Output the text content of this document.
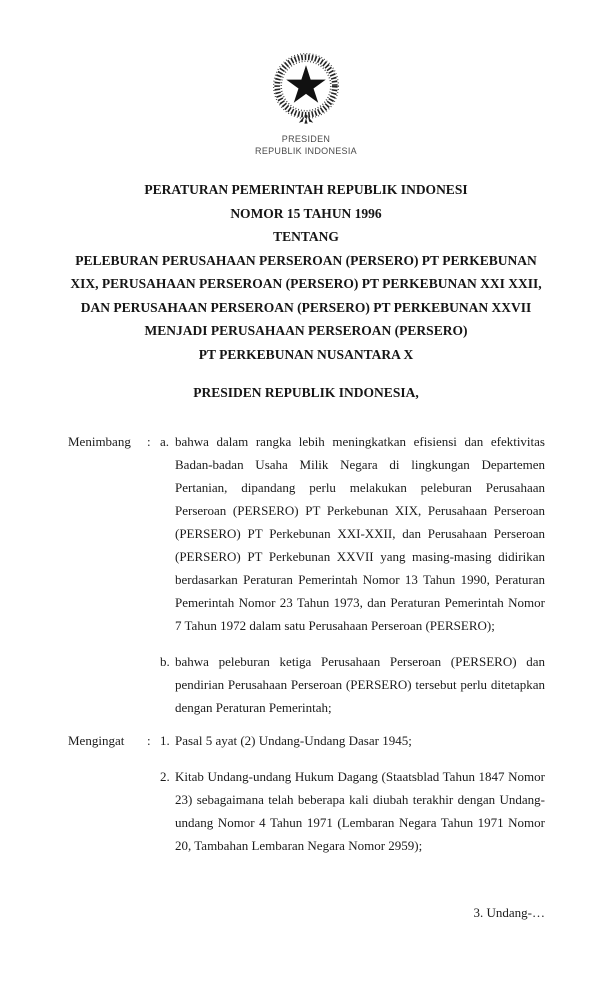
PRESIDEN
REPUBLIK INDONESIA
PERATURAN PEMERINTAH REPUBLIK INDONESI
NOMOR 15 TAHUN 1996
TENTANG
PELEBURAN PERUSAHAAN PERSEROAN (PERSERO) PT PERKEBUNAN
XIX, PERUSAHAAN PERSEROAN (PERSERO) PT PERKEBUNAN XXI XXII,
DAN PERUSAHAAN PERSEROAN (PERSERO) PT PERKEBUNAN XXVII
MENJADI PERUSAHAAN PERSEROAN (PERSERO)
PT PERKEBUNAN NUSANTARA X
PRESIDEN REPUBLIK INDONESIA,
Menimbang	: a. bahwa dalam rangka lebih meningkatkan efisiensi dan efektivitas Badan-badan Usaha Milik Negara di lingkungan Departemen Pertanian, dipandang perlu melakukan peleburan Perusahaan Perseroan (PERSERO) PT Perkebunan XIX, Perusahaan Perseroan (PERSERO) PT Perkebunan XXI-XXII, dan Perusahaan Perseroan (PERSERO) PT Perkebunan XXVII yang masing-masing didirikan berdasarkan Peraturan Pemerintah Nomor 13 Tahun 1990, Peraturan Pemerintah Nomor 23 Tahun 1973, dan Peraturan Pemerintah Nomor 7 Tahun 1972 dalam satu Perusahaan Perseroan (PERSERO);
b. bahwa peleburan ketiga Perusahaan Perseroan (PERSERO) dan pendirian Perusahaan Perseroan (PERSERO) tersebut perlu ditetapkan dengan Peraturan Pemerintah;
Mengingat	: 1. Pasal 5 ayat (2) Undang-Undang Dasar 1945;
2. Kitab Undang-undang Hukum Dagang (Staatsblad Tahun 1847 Nomor 23) sebagaimana telah beberapa kali diubah terakhir dengan Undang-undang Nomor 4 Tahun 1971 (Lembaran Negara Tahun 1971 Nomor 20, Tambahan Lembaran Negara Nomor 2959);
3. Undang-…
